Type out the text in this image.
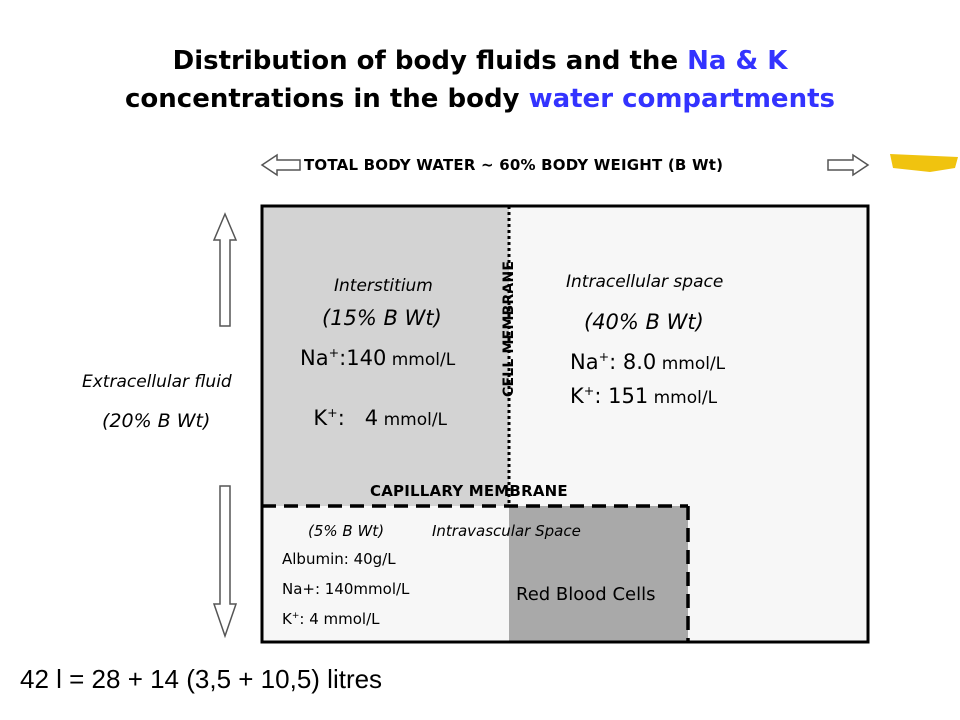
Distribution of body fluids and the Na & K
concentrations in the body water compartments
TOTAL BODY WATER ~ 60% BODY WEIGHT (B Wt)
Extracellular fluid
(20% B Wt)
Interstitium
(15% B Wt)
Na+:140 mmol/L

K+:   4 mmol/L

CELL MEMBRANE	Intracellular space
(40% B Wt)
Na+: 8.0 mmol/L
K+: 151 mmol/L
CAPILLARY MEMBRANE
(5% B Wt)	Intravascular Space
Albumin: 40g/L
Na+: 140mmol/L
K+: 4 mmol/L
Red Blood Cells
42 l = 28 + 14 (3,5 + 10,5) litres
